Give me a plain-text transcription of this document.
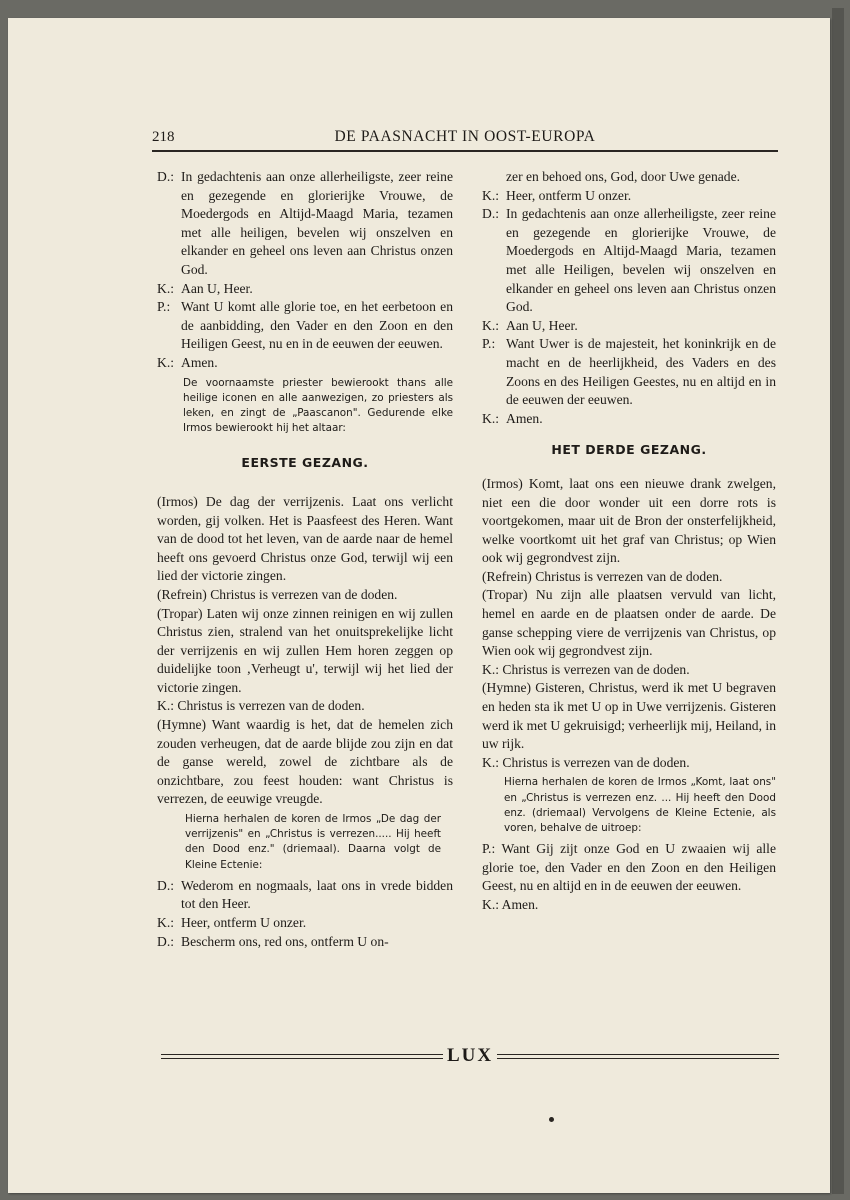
218	DE PAASNACHT IN OOST-EUROPA
D.: In gedachtenis aan onze allerheiligste, zeer reine en gezegende en glorierijke Vrouwe, de Moedergods en Altijd-Maagd Maria, tezamen met alle heiligen, bevelen wij onszelven en elkander en geheel ons leven aan Christus onzen God.
K.: Aan U, Heer.
P.: Want U komt alle glorie toe, en het eerbetoon en de aanbidding, den Vader en den Zoon en den Heiligen Geest, nu en in de eeuwen der eeuwen.
K.: Amen.

De voornaamste priester bewierookt thans alle heilige iconen en alle aanwezigen, zo priesters als leken, en zingt de „Paascanon". Gedurende elke Irmos bewierookt hij het altaar:

EERSTE GEZANG.

(Irmos) De dag der verrijzenis. Laat ons verlicht worden, gij volken. Het is Paasfeest des Heren. Want van de dood tot het leven, van de aarde naar de hemel heeft ons gevoerd Christus onze God, terwijl wij een lied der victorie zingen.

(Refrein) Christus is verrezen van de doden.

(Tropar) Laten wij onze zinnen reinigen en wij zullen Christus zien, stralend van het onuitsprekelijke licht der verrijzenis en wij zullen Hem horen zeggen op duidelijke toon ‚Verheugt u', terwijl wij het lied der victorie zingen.

K.: Christus is verrezen van de doden.

(Hymne) Want waardig is het, dat de hemelen zich zouden verheugen, dat de aarde blijde zou zijn en dat de ganse wereld, zowel de zichtbare als de onzichtbare, zou feest houden: want Christus is verrezen, de eeuwige vreugde.

Hierna herhalen de koren de Irmos „De dag der verrijzenis" en „Christus is verrezen..... Hij heeft den Dood enz." (driemaal). Daarna volgt de Kleine Ectenie:

D.: Wederom en nogmaals, laat ons in vrede bidden tot den Heer.
K.: Heer, ontferm U onzer.
D.: Bescherm ons, red ons, ontferm U on-
zer en behoed ons, God, door Uwe genade.
K.: Heer, ontferm U onzer.
D.: In gedachtenis aan onze allerheiligste, zeer reine en gezegende en glorierijke Vrouwe, de Moedergods en Altijd-Maagd Maria, tezamen met alle Heiligen, bevelen wij onszelven en elkander en geheel ons leven aan Christus onzen God.
K.: Aan U, Heer.
P.: Want Uwer is de majesteit, het koninkrijk en de macht en de heerlijkheid, des Vaders en des Zoons en des Heiligen Geestes, nu en altijd en in de eeuwen der eeuwen.
K.: Amen.
HET DERDE GEZANG.

(Irmos) Komt, laat ons een nieuwe drank zwelgen, niet een die door wonder uit een dorre rots is voortgekomen, maar uit de Bron der onsterfelijkheid, welke voortkomt uit het graf van Christus; op Wien ook wij gegrondvest zijn.

(Refrein) Christus is verrezen van de doden.

(Tropar) Nu zijn alle plaatsen vervuld van licht, hemel en aarde en de plaatsen onder de aarde. De ganse schepping viere de verrijzenis van Christus, op Wien ook wij gegrondvest zijn.

K.: Christus is verrezen van de doden.

(Hymne) Gisteren, Christus, werd ik met U begraven en heden sta ik met U op in Uwe verrijzenis. Gisteren werd ik met U gekruisigd; verheerlijk mij, Heiland, in uw rijk.

K.: Christus is verrezen van de doden.

Hierna herhalen de koren de Irmos „Komt, laat ons" en „Christus is verrezen enz. ... Hij heeft den Dood enz. (driemaal) Vervolgens de Kleine Ectenie, als voren, behalve de uitroep:

P.: Want Gij zijt onze God en U zwaaien wij alle glorie toe, den Vader en den Zoon en den Heiligen Geest, nu en altijd en in de eeuwen der eeuwen.

K.: Amen.

LUX
